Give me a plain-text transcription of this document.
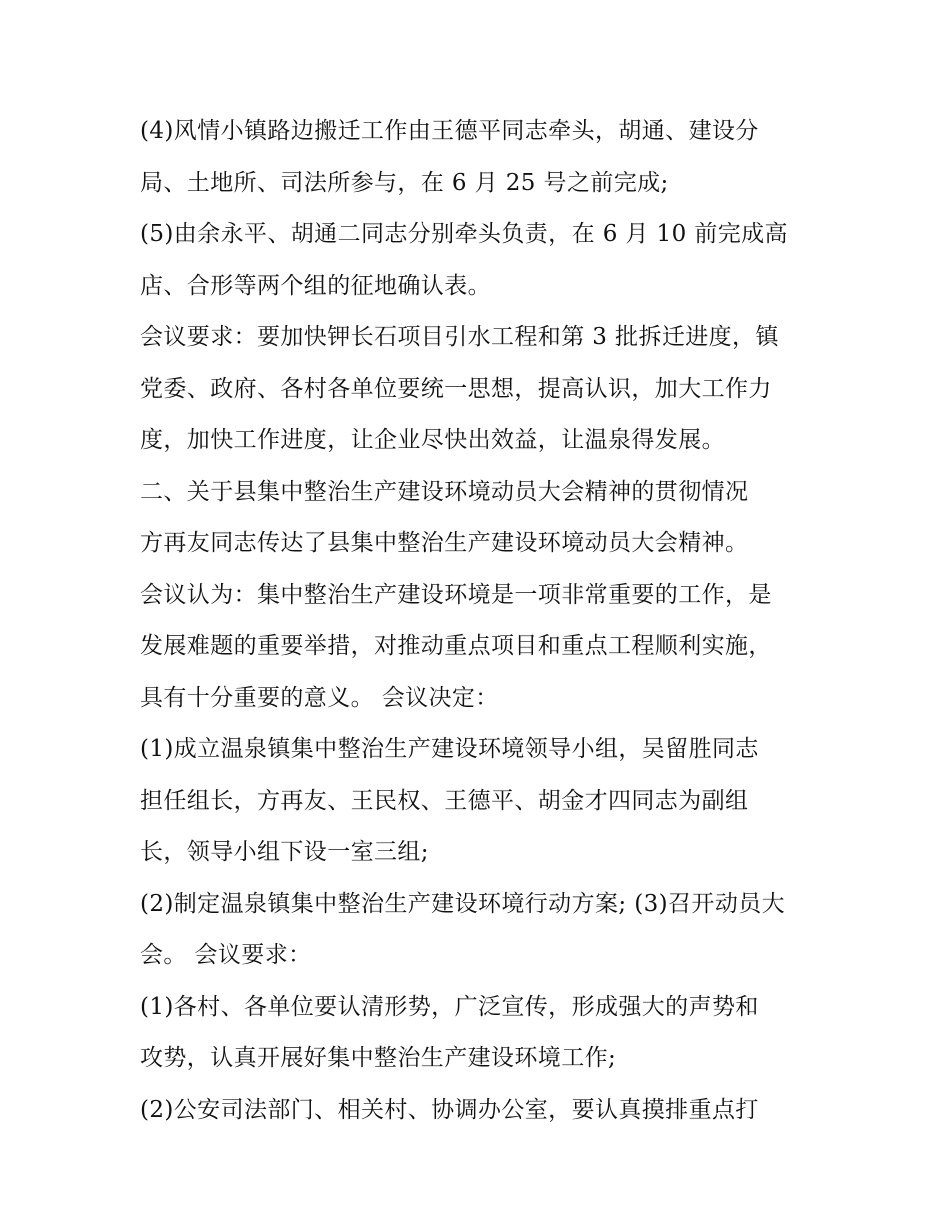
(4)风情小镇路边搬迁工作由王德平同志牵头，胡通、建设分
局、土地所、司法所参与，在 6 月 25 号之前完成;
(5)由余永平、胡通二同志分别牵头负责，在 6 月 10 前完成高
店、合形等两个组的征地确认表。
会议要求：要加快钾长石项目引水工程和第 3 批拆迁进度，镇
党委、政府、各村各单位要统一思想，提高认识，加大工作力
度，加快工作进度，让企业尽快出效益，让温泉得发展。
二、关于县集中整治生产建设环境动员大会精神的贯彻情况
方再友同志传达了县集中整治生产建设环境动员大会精神。
会议认为：集中整治生产建设环境是一项非常重要的工作，是
发展难题的重要举措，对推动重点项目和重点工程顺利实施，
具有十分重要的意义。 会议决定：
(1)成立温泉镇集中整治生产建设环境领导小组，吴留胜同志
担任组长，方再友、王民权、王德平、胡金才四同志为副组
长，领导小组下设一室三组;
(2)制定温泉镇集中整治生产建设环境行动方案; (3)召开动员大
会。 会议要求：
(1)各村、各单位要认清形势，广泛宣传，形成强大的声势和
攻势，认真开展好集中整治生产建设环境工作;
(2)公安司法部门、相关村、协调办公室，要认真摸排重点打
